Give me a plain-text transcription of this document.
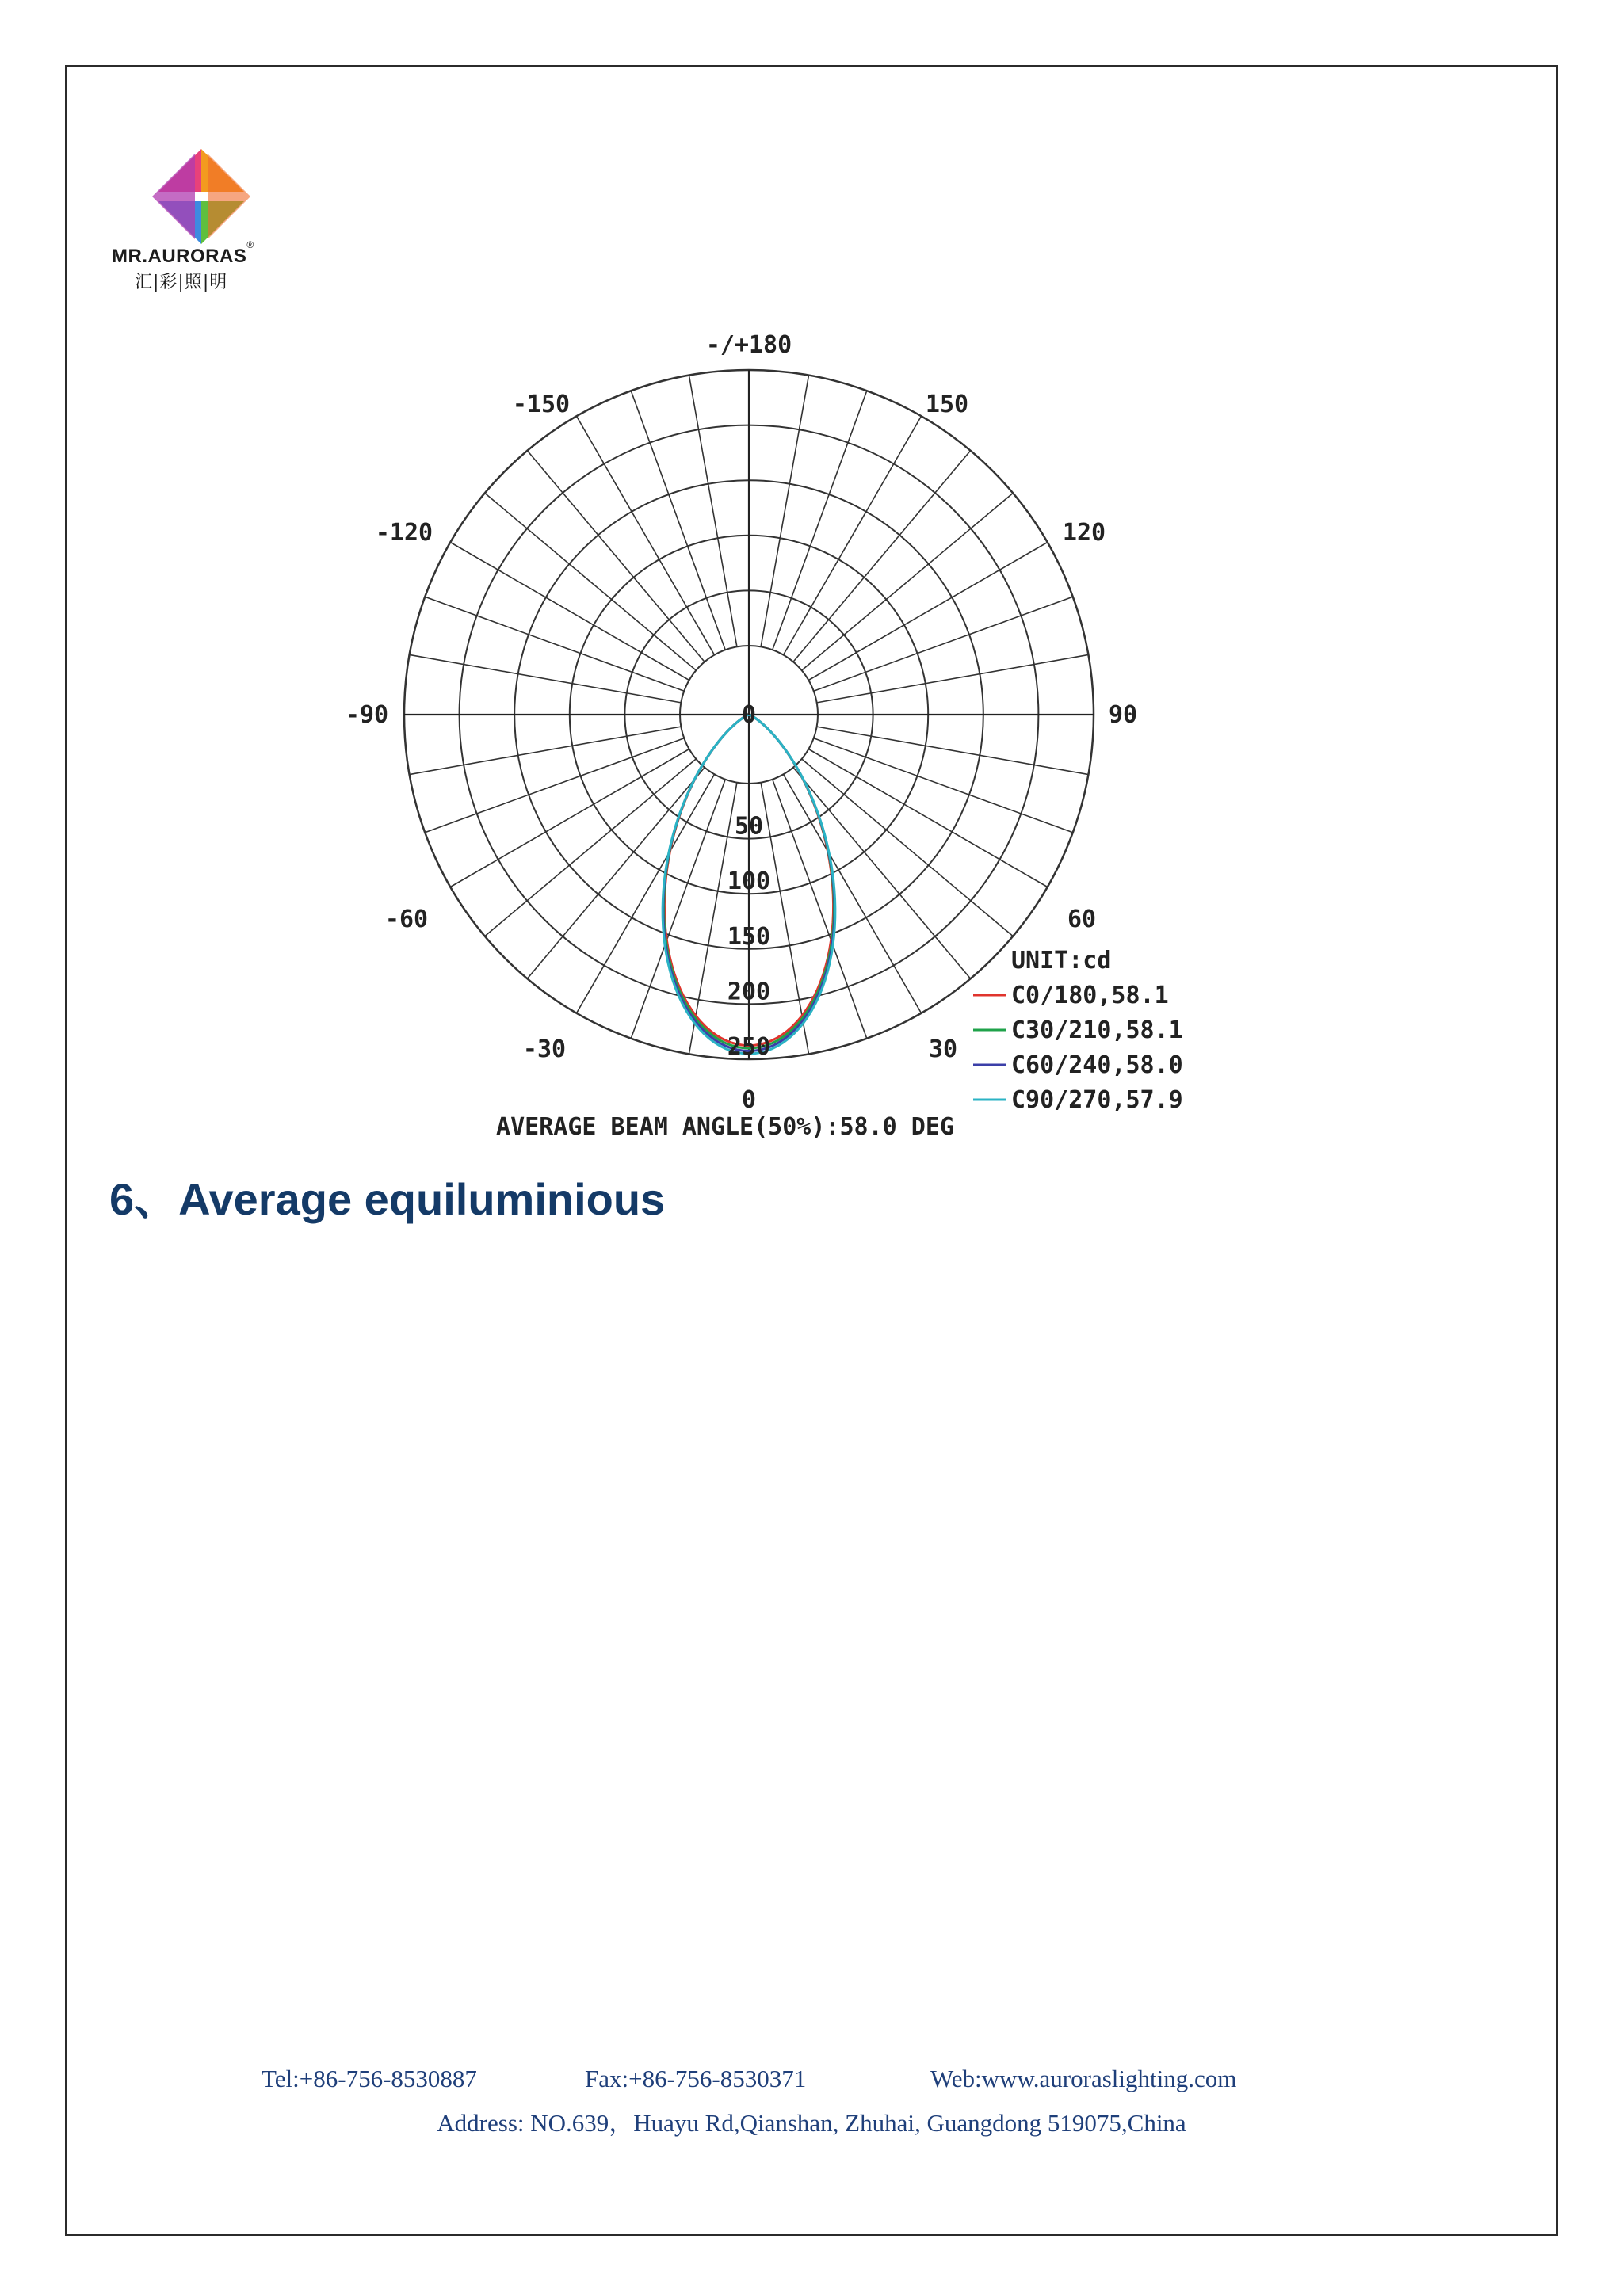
MR.AURORAS®
汇|彩|照|明
-/+180
150
120
90
60
30
0
-30
-60
-90
-120
-150
0
50
100
150
200
250
AVERAGE BEAM ANGLE(50%):58.0 DEG
UNIT:cd
C0/180,58.1
C30/210,58.1
C60/240,58.0
C90/270,57.9
6、Average equiluminious
Tel:+86-756-8530887	Fax:+86-756-8530371	Web:www.auroraslighting.com
Address: NO.639，Huayu Rd,Qianshan, Zhuhai, Guangdong 519075,China
